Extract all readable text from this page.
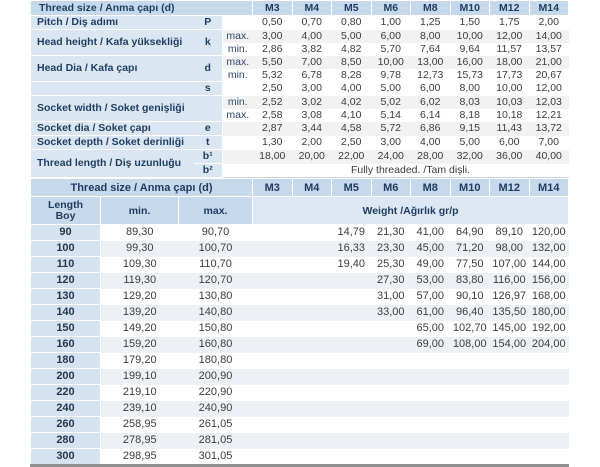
Thread size / Anma çapı (d)			M3	M4	M5	M6	M8	M10	M12	M14
Pitch / Diş adımı	P		0,50	0,70	0,80	1,00	1,25	1,50	1,75	2,00
Head height / Kafa yüksekliği	k	max.	3,00	4,00	5,00	6,00	8,00	10,00	12,00	14,00
		min.	2,86	3,82	4,82	5,70	7,64	9,64	11,57	13,57
Head Dia / Kafa çapı	d	max.	5,50	7,00	8,50	10,00	13,00	16,00	18,00	21,00
		min.	5,32	6,78	8,28	9,78	12,73	15,73	17,73	20,67
	s		2,50	3,00	4,00	5,00	6,00	8,00	10,00	12,00
Socket width / Soket genişliği		min.	2,52	3,02	4,02	5,02	6,02	8,03	10,03	12,03
		max.	2,58	3,08	4,10	5,14	6,14	8,18	10,18	12,21
Socket dia / Soket çapı	e		2,87	3,44	4,58	5,72	6,86	9,15	11,43	13,72
Socket depth / Soket derinliği	t		1,30	2,00	2,50	3,00	4,00	5,00	6,00	7,00
Thread length / Diş uzunluğu	b¹		18,00	20,00	22,00	24,00	28,00	32,00	36,00	40,00
	b²		Fully threaded. /Tam dişli.							
Thread size / Anma çapı (d)			M3	M4	M5	M6	M8	M10	M12	M14

Length
Boy	min.	max.	Weight /Ağırlık gr/p							
90	89,30	90,70			14,79	21,30	41,00	64,90	89,10	120,00
100	99,30	100,70			16,33	23,30	45,00	71,20	98,00	132,00
110	109,30	110,70			19,40	25,30	49,00	77,50	107,00	144,00
120	119,30	120,70				27,30	53,00	83,80	116,00	156,00
130	129,20	130,80				31,00	57,00	90,10	126,97	168,00
140	139,20	140,80				33,00	61,00	96,40	135,50	180,00
150	149,20	150,80					65,00	102,70	145,00	192,00
160	159,20	160,80					69,00	108,00	154,00	204,00
180	179,20	180,80								
200	199,10	200,90								
220	219,10	220,90								
240	239,10	240,90								
260	258,95	261,05								
280	278,95	281,05								
300	298,95	301,05								
